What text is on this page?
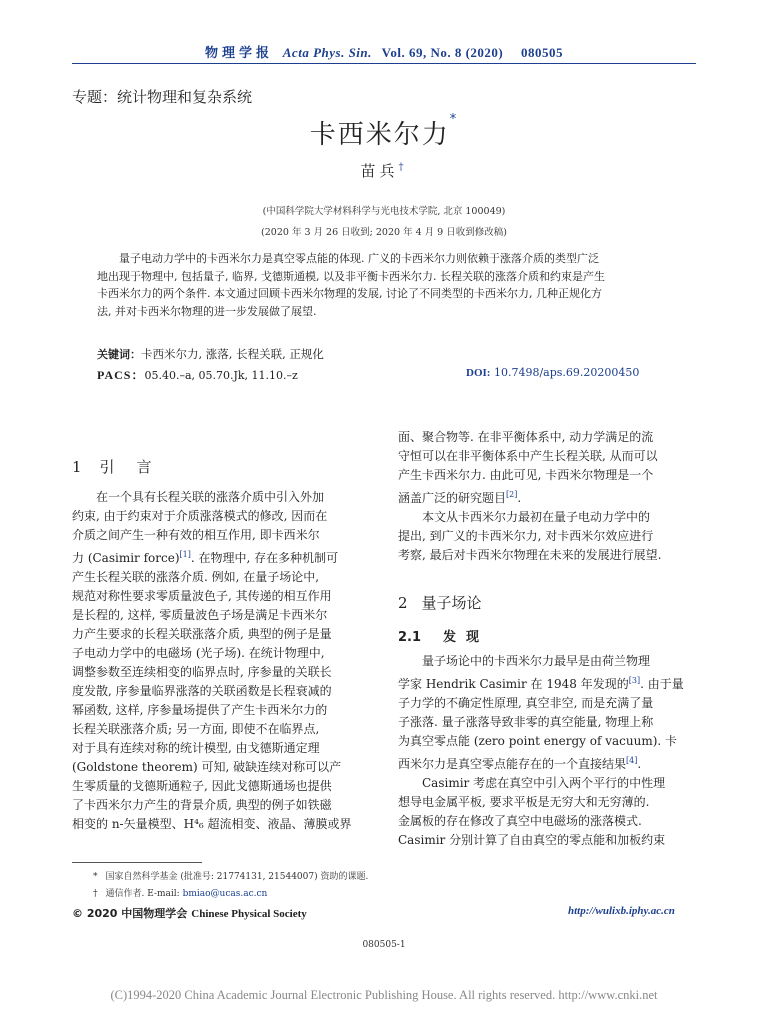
物理学报 Acta Phys. Sin. Vol. 69, No. 8 (2020) 080505
专题：统计物理和复杂系统
卡西米尔力*
苗兵†
(中国科学院大学材料科学与光电技术学院, 北京 100049)
(2020 年 3 月 26 日收到; 2020 年 4 月 9 日收到修改稿)
　　量子电动力学中的卡西米尔力是真空零点能的体现. 广义的卡西米尔力则依赖于涨落介质的类型广泛
地出现于物理中, 包括量子, 临界, 戈德斯通模, 以及非平衡卡西米尔力. 长程关联的涨落介质和约束是产生
卡西米尔力的两个条件. 本文通过回顾卡西米尔物理的发展, 讨论了不同类型的卡西米尔力, 几种正规化方
法, 并对卡西米尔物理的进一步发展做了展望.
关键词：卡西米尔力, 涨落, 长程关联, 正规化
PACS：05.40.–a, 05.70.Jk, 11.10.–z	DOI: 10.7498/aps.69.20200450
1 引言
　　在一个具有长程关联的涨落介质中引入外加
约束, 由于约束对于介质涨落模式的修改, 因而在
介质之间产生一种有效的相互作用, 即卡西米尔
力 (Casimir force)[1]. 在物理中, 存在多种机制可
产生长程关联的涨落介质. 例如, 在量子场论中,
规范对称性要求零质量波色子, 其传递的相互作用
是长程的, 这样, 零质量波色子场是满足卡西米尔
力产生要求的长程关联涨落介质, 典型的例子是量
子电动力学中的电磁场 (光子场). 在统计物理中,
调整参数至连续相变的临界点时, 序参量的关联长
度发散, 序参量临界涨落的关联函数是长程衰减的
幂函数, 这样, 序参量场提供了产生卡西米尔力的
长程关联涨落介质; 另一方面, 即使不在临界点,
对于具有连续对称的统计模型, 由戈德斯通定理
(Goldstone theorem) 可知, 破缺连续对称可以产
生零质量的戈德斯通粒子, 因此戈德斯通场也提供
了卡西米尔力产生的背景介质, 典型的例子如铁磁
相变的 n-矢量模型、H⁴₆ 超流相变、液晶、薄膜或界
面、聚合物等. 在非平衡体系中, 动力学满足的流
守恒可以在非平衡体系中产生长程关联, 从而可以
产生卡西米尔力. 由此可见, 卡西米尔物理是一个
涵盖广泛的研究题目[2].
　　本文从卡西米尔力最初在量子电动力学中的
提出, 到广义的卡西米尔力, 对卡西米尔效应进行
考察, 最后对卡西米尔物理在未来的发展进行展望.
2 量子场论
2.1 发现
　　量子场论中的卡西米尔力最早是由荷兰物理
学家 Hendrik Casimir 在 1948 年发现的[3]. 由于量
子力学的不确定性原理, 真空非空, 而是充满了量
子涨落. 量子涨落导致非零的真空能量, 物理上称
为真空零点能 (zero point energy of vacuum). 卡
西米尔力是真空零点能存在的一个直接结果[4].
　　Casimir 考虑在真空中引入两个平行的中性理
想导电金属平板, 要求平板是无穷大和无穷薄的.
金属板的存在修改了真空中电磁场的涨落模式.
Casimir 分别计算了自由真空的零点能和加板约束
* 国家自然科学基金 (批准号: 21774131, 21544007) 资助的课题.
† 通信作者. E-mail: bmiao@ucas.ac.cn
© 2020 中国物理学会 Chinese Physical Society	http://wulixb.iphy.ac.cn
080505-1
(C)1994-2020 China Academic Journal Electronic Publishing House. All rights reserved. http://www.cnki.net
